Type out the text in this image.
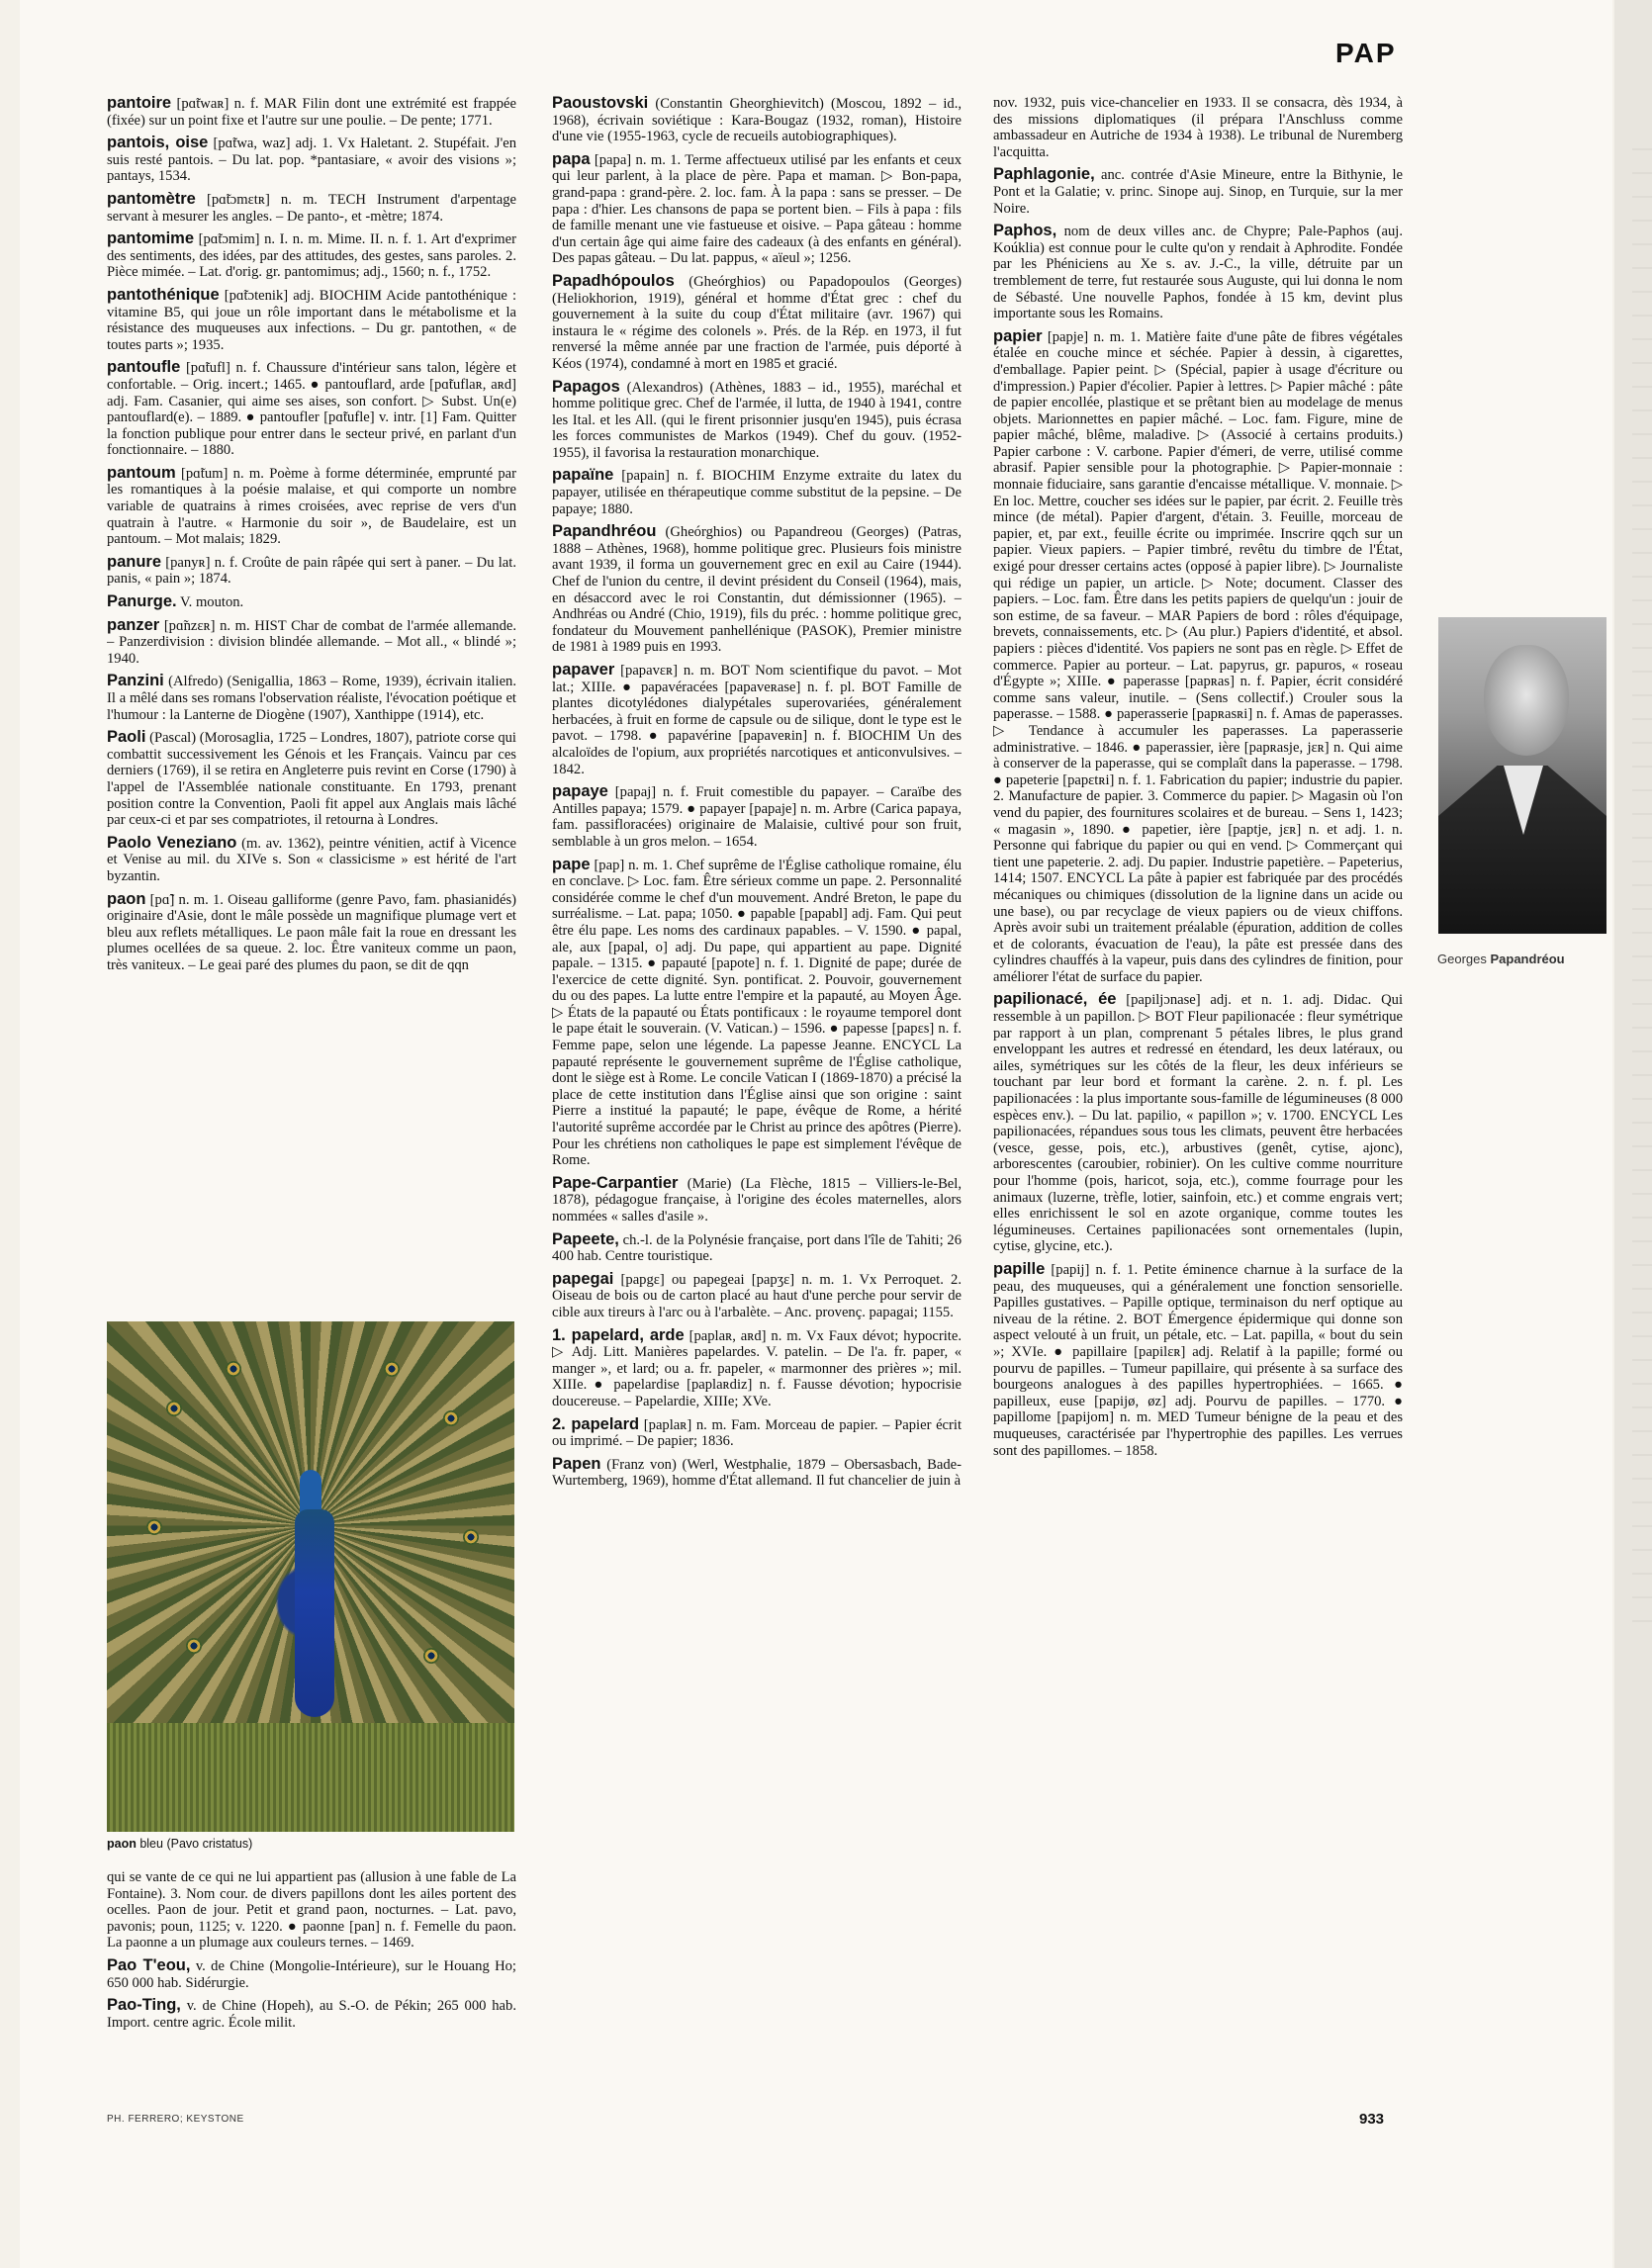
PAP

pantoire [pɑ̃twaʀ] n. f. MAR Filin dont une extrémité est frappée (fixée) sur un point fixe et l'autre sur une poulie. – De pente; 1771.

pantois, oise [pɑ̃twa, waz] adj. 1. Vx Haletant. 2. Stupéfait. J'en suis resté pantois. – Du lat. pop. *pantasiare, « avoir des visions »; pantays, 1534.

pantomètre [pɑ̃tɔmɛtʀ] n. m. TECH Instrument d'arpentage servant à mesurer les angles. – De panto-, et -mètre; 1874.

pantomime [pɑ̃tɔmim] n. I. n. m. Mime. II. n. f. 1. Art d'exprimer des sentiments, des idées, par des attitudes, des gestes, sans paroles. 2. Pièce mimée. – Lat. d'orig. gr. pantomimus; adj., 1560; n. f., 1752.

pantothénique [pɑ̃tɔtenik] adj. BIOCHIM Acide pantothénique : vitamine B5, qui joue un rôle important dans le métabolisme et la résistance des muqueuses aux infections. – Du gr. pantothen, « de toutes parts »; 1935.

pantoufle [pɑ̃tufl] n. f. Chaussure d'intérieur sans talon, légère et confortable. – Orig. incert.; 1465. ● pantouflard, arde [pɑ̃tuflaʀ, aʀd] adj. Fam. Casanier, qui aime ses aises, son confort. ▷ Subst. Un(e) pantouflard(e). – 1889. ● pantoufler [pɑ̃tufle] v. intr. [1] Fam. Quitter la fonction publique pour entrer dans le secteur privé, en parlant d'un fonctionnaire. – 1880.

pantoum [pɑ̃tum] n. m. Poème à forme déterminée, emprunté par les romantiques à la poésie malaise, et qui comporte un nombre variable de quatrains à rimes croisées, avec reprise de vers d'un quatrain à l'autre. « Harmonie du soir », de Baudelaire, est un pantoum. – Mot malais; 1829.

panure [panyʀ] n. f. Croûte de pain râpée qui sert à paner. – Du lat. panis, « pain »; 1874.

Panurge. V. mouton.

panzer [pɑ̃nzɛʀ] n. m. HIST Char de combat de l'armée allemande. – Panzerdivision : division blindée allemande. – Mot all., « blindé »; 1940.

Panzini (Alfredo) (Senigallia, 1863 – Rome, 1939), écrivain italien. Il a mêlé dans ses romans l'observation réaliste, l'évocation poétique et l'humour : la Lanterne de Diogène (1907), Xanthippe (1914), etc.

Paoli (Pascal) (Morosaglia, 1725 – Londres, 1807), patriote corse qui combattit successivement les Génois et les Français. Vaincu par ces derniers (1769), il se retira en Angleterre puis revint en Corse (1790) à l'appel de l'Assemblée nationale constituante. En 1793, prenant position contre la Convention, Paoli fit appel aux Anglais mais lâché par ceux-ci et par ses compatriotes, il retourna à Londres.

Paolo Veneziano (m. av. 1362), peintre vénitien, actif à Vicence et Venise au mil. du XIVe s. Son « classicisme » est hérité de l'art byzantin.

paon [pɑ̃] n. m. 1. Oiseau galliforme (genre Pavo, fam. phasianidés) originaire d'Asie, dont le mâle possède un magnifique plumage vert et bleu aux reflets métalliques. Le paon mâle fait la roue en dressant les plumes ocellées de sa queue. 2. loc. Être vaniteux comme un paon, très vaniteux. – Le geai paré des plumes du paon, se dit de qqn

paon bleu (Pavo cristatus)

qui se vante de ce qui ne lui appartient pas (allusion à une fable de La Fontaine). 3. Nom cour. de divers papillons dont les ailes portent des ocelles. Paon de jour. Petit et grand paon, nocturnes. – Lat. pavo, pavonis; poun, 1125; v. 1220. ● paonne [pan] n. f. Femelle du paon. La paonne a un plumage aux couleurs ternes. – 1469.

Pao T'eou, v. de Chine (Mongolie-Intérieure), sur le Houang Ho; 650 000 hab. Sidérurgie.

Pao-Ting, v. de Chine (Hopeh), au S.-O. de Pékin; 265 000 hab. Import. centre agric. École milit.

Paoustovski (Constantin Gheorghievitch) (Moscou, 1892 – id., 1968), écrivain soviétique : Kara-Bougaz (1932, roman), Histoire d'une vie (1955-1963, cycle de recueils autobiographiques).

papa [papa] n. m. 1. Terme affectueux utilisé par les enfants et ceux qui leur parlent, à la place de père. Papa et maman. ▷ Bon-papa, grand-papa : grand-père. 2. loc. fam. À la papa : sans se presser. – De papa : d'hier. Les chansons de papa se portent bien. – Fils à papa : fils de famille menant une vie fastueuse et oisive. – Papa gâteau : homme d'un certain âge qui aime faire des cadeaux (à des enfants en général). Des papas gâteau. – Du lat. pappus, « aïeul »; 1256.

Papadhópoulos (Gheórghios) ou Papadopoulos (Georges) (Heliokhorion, 1919), général et homme d'État grec : chef du gouvernement à la suite du coup d'État militaire (avr. 1967) qui instaura le « régime des colonels ». Prés. de la Rép. en 1973, il fut renversé la même année par une fraction de l'armée, puis déporté à Kéos (1974), condamné à mort en 1985 et gracié.

Papagos (Alexandros) (Athènes, 1883 – id., 1955), maréchal et homme politique grec. Chef de l'armée, il lutta, de 1940 à 1941, contre les Ital. et les All. (qui le firent prisonnier jusqu'en 1945), puis écrasa les forces communistes de Markos (1949). Chef du gouv. (1952-1955), il favorisa la restauration monarchique.

papaïne [papain] n. f. BIOCHIM Enzyme extraite du latex du papayer, utilisée en thérapeutique comme substitut de la pepsine. – De papaye; 1880.

Papandhréou (Gheórghios) ou Papandreou (Georges) (Patras, 1888 – Athènes, 1968), homme politique grec. Plusieurs fois ministre avant 1939, il forma un gouvernement grec en exil au Caire (1944). Chef de l'union du centre, il devint président du Conseil (1964), mais, en désaccord avec le roi Constantin, dut démissionner (1965). – Andhréas ou André (Chio, 1919), fils du préc. : homme politique grec, fondateur du Mouvement panhellénique (PASOK), Premier ministre de 1981 à 1989 puis en 1993.

papaver [papavɛʀ] n. m. BOT Nom scientifique du pavot. – Mot lat.; XIIIe. ● papavéracées [papaveʀase] n. f. pl. BOT Famille de plantes dicotylédones dialypétales superovariées, généralement herbacées, à fruit en forme de capsule ou de silique, dont le type est le pavot. – 1798. ● papavérine [papaveʀin] n. f. BIOCHIM Un des alcaloïdes de l'opium, aux propriétés narcotiques et anticonvulsives. – 1842.

papaye [papaj] n. f. Fruit comestible du papayer. – Caraïbe des Antilles papaya; 1579. ● papayer [papaje] n. m. Arbre (Carica papaya, fam. passifloracées) originaire de Malaisie, cultivé pour son fruit, semblable à un gros melon. – 1654.

pape [pap] n. m. 1. Chef suprême de l'Église catholique romaine, élu en conclave. ▷ Loc. fam. Être sérieux comme un pape. 2. Personnalité considérée comme le chef d'un mouvement. André Breton, le pape du surréalisme. – Lat. papa; 1050. ● papable [papabl] adj. Fam. Qui peut être élu pape. Les noms des cardinaux papables. – V. 1590. ● papal, ale, aux [papal, o] adj. Du pape, qui appartient au pape. Dignité papale. – 1315. ● papauté [papote] n. f. 1. Dignité de pape; durée de l'exercice de cette dignité. Syn. pontificat. 2. Pouvoir, gouvernement du ou des papes. La lutte entre l'empire et la papauté, au Moyen Âge. ▷ États de la papauté ou États pontificaux : le royaume temporel dont le pape était le souverain. (V. Vatican.) – 1596. ● papesse [papɛs] n. f. Femme pape, selon une légende. La papesse Jeanne. ENCYCL La papauté représente le gouvernement suprême de l'Église catholique, dont le siège est à Rome. Le concile Vatican I (1869-1870) a précisé la place de cette institution dans l'Église ainsi que son origine : saint Pierre a institué la papauté; le pape, évêque de Rome, a hérité l'autorité suprême accordée par le Christ au prince des apôtres (Pierre). Pour les chrétiens non catholiques le pape est simplement l'évêque de Rome.

Pape-Carpantier (Marie) (La Flèche, 1815 – Villiers-le-Bel, 1878), pédagogue française, à l'origine des écoles maternelles, alors nommées « salles d'asile ».

Papeete, ch.-l. de la Polynésie française, port dans l'île de Tahiti; 26 400 hab. Centre touristique.

papegai [papgɛ] ou papegeai [papʒɛ] n. m. 1. Vx Perroquet. 2. Oiseau de bois ou de carton placé au haut d'une perche pour servir de cible aux tireurs à l'arc ou à l'arbalète. – Anc. provenç. papagai; 1155.

1. papelard, arde [paplaʀ, aʀd] n. m. Vx Faux dévot; hypocrite. ▷ Adj. Litt. Manières papelardes. V. patelin. – De l'a. fr. paper, « manger », et lard; ou a. fr. papeler, « marmonner des prières »; mil. XIIIe. ● papelardise [paplaʀdiz] n. f. Fausse dévotion; hypocrisie doucereuse. – Papelardie, XIIIe; XVe.

2. papelard [paplaʀ] n. m. Fam. Morceau de papier. – Papier écrit ou imprimé. – De papier; 1836.

Papen (Franz von) (Werl, Westphalie, 1879 – Obersasbach, Bade-Wurtemberg, 1969), homme d'État allemand. Il fut chancelier de juin à

nov. 1932, puis vice-chancelier en 1933. Il se consacra, dès 1934, à des missions diplomatiques (il prépara l'Anschluss comme ambassadeur en Autriche de 1934 à 1938). Le tribunal de Nuremberg l'acquitta.

Paphlagonie, anc. contrée d'Asie Mineure, entre la Bithynie, le Pont et la Galatie; v. princ. Sinope auj. Sinop, en Turquie, sur la mer Noire.

Paphos, nom de deux villes anc. de Chypre; Pale-Paphos (auj. Koúklia) est connue pour le culte qu'on y rendait à Aphrodite. Fondée par les Phéniciens au Xe s. av. J.-C., la ville, détruite par un tremblement de terre, fut restaurée sous Auguste, qui lui donna le nom de Sébasté. Une nouvelle Paphos, fondée à 15 km, devint plus importante sous les Romains.

papier [papje] n. m. 1. Matière faite d'une pâte de fibres végétales étalée en couche mince et séchée. Papier à dessin, à cigarettes, d'emballage. Papier peint. ▷ (Spécial, papier à usage d'écriture ou d'impression.) Papier d'écolier. Papier à lettres. ▷ Papier mâché : pâte de papier encollée, plastique et se prêtant bien au modelage de menus objets. Marionnettes en papier mâché. – Loc. fam. Figure, mine de papier mâché, blême, maladive. ▷ (Associé à certains produits.) Papier carbone : V. carbone. Papier d'émeri, de verre, utilisé comme abrasif. Papier sensible pour la photographie. ▷ Papier-monnaie : monnaie fiduciaire, sans garantie d'encaisse métallique. V. monnaie. ▷ En loc. Mettre, coucher ses idées sur le papier, par écrit. 2. Feuille très mince (de métal). Papier d'argent, d'étain. 3. Feuille, morceau de papier, et, par ext., feuille écrite ou imprimée. Inscrire qqch sur un papier. Vieux papiers. – Papier timbré, revêtu du timbre de l'État, exigé pour dresser certains actes (opposé à papier libre). ▷ Journaliste qui rédige un papier, un article. ▷ Note; document. Classer des papiers. – Loc. fam. Être dans les petits papiers de quelqu'un : jouir de son estime, de sa faveur. – MAR Papiers de bord : rôles d'équipage, brevets, connaissements, etc. ▷ (Au plur.) Papiers d'identité, et absol. papiers : pièces d'identité. Vos papiers ne sont pas en règle. ▷ Effet de commerce. Papier au porteur. – Lat. papyrus, gr. papuros, « roseau d'Égypte »; XIIIe. ● paperasse [papʀas] n. f. Papier, écrit considéré comme sans valeur, inutile. – (Sens collectif.) Crouler sous la paperasse. – 1588. ● paperasserie [papʀasʀi] n. f. Amas de paperasses. ▷ Tendance à accumuler les paperasses. La paperasserie administrative. – 1846. ● paperassier, ière [papʀasje, jɛʀ] n. Qui aime à conserver de la paperasse, qui se complaît dans la paperasse. – 1798. ● papeterie [papɛtʀi] n. f. 1. Fabrication du papier; industrie du papier. 2. Manufacture de papier. 3. Commerce du papier. ▷ Magasin où l'on vend du papier, des fournitures scolaires et de bureau. – Sens 1, 1423; « magasin », 1890. ● papetier, ière [paptje, jɛʀ] n. et adj. 1. n. Personne qui fabrique du papier ou qui en vend. ▷ Commerçant qui tient une papeterie. 2. adj. Du papier. Industrie papetière. – Papeterius, 1414; 1507. ENCYCL La pâte à papier est fabriquée par des procédés mécaniques ou chimiques (dissolution de la lignine dans un acide ou une base), ou par recyclage de vieux papiers ou de vieux chiffons. Après avoir subi un traitement préalable (épuration, addition de colles et de colorants, évacuation de l'eau), la pâte est pressée dans des cylindres chauffés à la vapeur, puis dans des cylindres de finition, pour améliorer l'état de surface du papier.

papilionacé, ée [papiljɔnase] adj. et n. 1. adj. Didac. Qui ressemble à un papillon. ▷ BOT Fleur papilionacée : fleur symétrique par rapport à un plan, comprenant 5 pétales libres, le plus grand enveloppant les autres et redressé en étendard, les deux latéraux, ou ailes, symétriques sur les côtés de la fleur, les deux inférieurs se touchant par leur bord et formant la carène. 2. n. f. pl. Les papilionacées : la plus importante sous-famille de légumineuses (8 000 espèces env.). – Du lat. papilio, « papillon »; v. 1700. ENCYCL Les papilionacées, répandues sous tous les climats, peuvent être herbacées (vesce, gesse, pois, etc.), arbustives (genêt, cytise, ajonc), arborescentes (caroubier, robinier). On les cultive comme nourriture pour l'homme (pois, haricot, soja, etc.), comme fourrage pour les animaux (luzerne, trèfle, lotier, sainfoin, etc.) et comme engrais vert; elles enrichissent le sol en azote organique, comme toutes les légumineuses. Certaines papilionacées sont ornementales (lupin, cytise, glycine, etc.).

papille [papij] n. f. 1. Petite éminence charnue à la surface de la peau, des muqueuses, qui a généralement une fonction sensorielle. Papilles gustatives. – Papille optique, terminaison du nerf optique au niveau de la rétine. 2. BOT Émergence épidermique qui donne son aspect velouté à un fruit, un pétale, etc. – Lat. papilla, « bout du sein »; XVIe. ● papillaire [papilɛʀ] adj. Relatif à la papille; formé ou pourvu de papilles. – Tumeur papillaire, qui présente à sa surface des bourgeons analogues à des papilles hypertrophiées. – 1665. ● papilleux, euse [papijø, øz] adj. Pourvu de papilles. – 1770. ● papillome [papijom] n. m. MED Tumeur bénigne de la peau et des muqueuses, caractérisée par l'hypertrophie des papilles. Les verrues sont des papillomes. – 1858.

Georges Papandréou
PH. FERRERO; KEYSTONE	933
